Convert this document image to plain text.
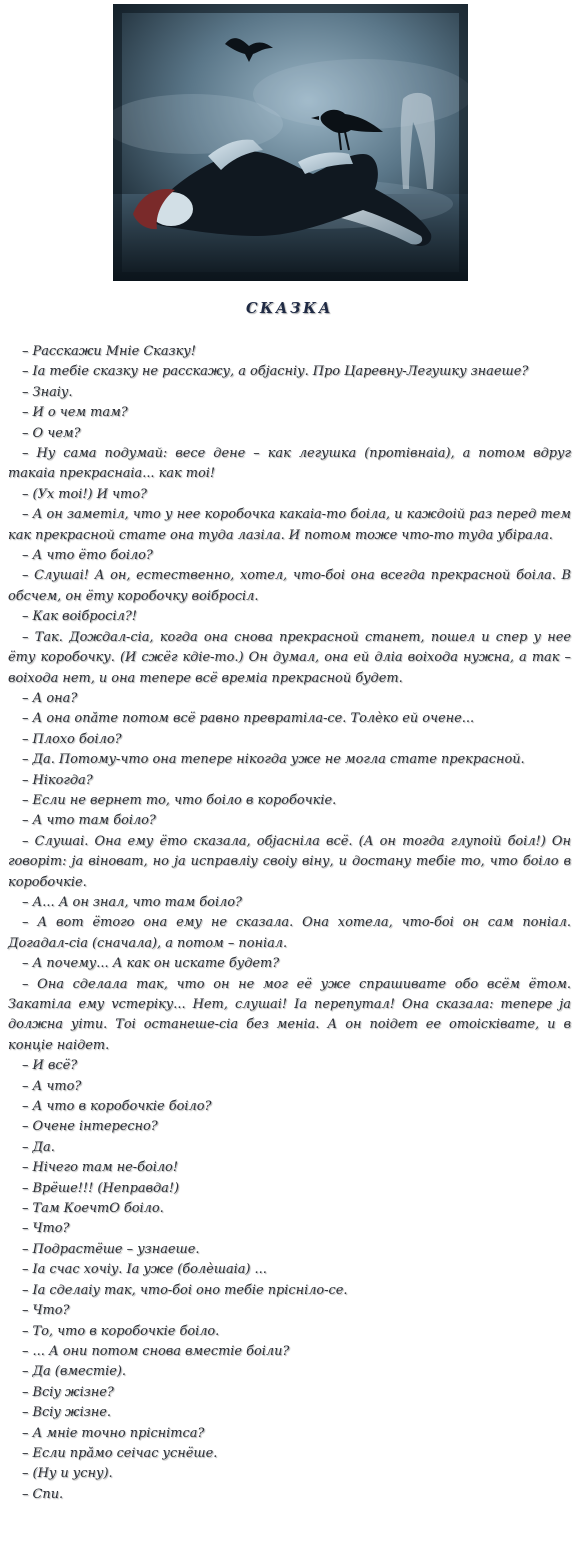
СКАЗКА

– Расскажи Мніе Сказку!

– Іа тебіе сказку не расскажу, а објасніу. Про Царевну-Легушку знаеше?

– Знаіу.

– И о чем там?

– О чем?

– Ну сама подумай: весе дене – как легушка (протівнаіа), а потом вдруг такаіа прекраснаіа... как тоі!

– (Ух тоі!) И что?

– А он заметіл, что у нее коробочка какаіа-то боіла, и каждоій раз перед тем как прекрасной стате она туда лазіла. И потом тоже что-то туда убірала.

– А что ёто боіло?

– Слушаі! А он, естественно, хотел, что-боі она всегда прекрасной боіла. В обсчем, он ёту коробочку воібросіл.

– Как воібросіл?!

– Так. Дождал-сіа, когда она снова прекрасной станет, пошел и спер у нее ёту коробочку. (И сжёг кдіе-то.) Он думал, она ей дліа воіхода нужна, а так – воіхода нет, и она тепере всё времіа прекрасной будет.

– А она?

– А она опăте потом всё равно превратіла-се. Толѐко ей очене...

– Плохо боіло?

– Да. Потому-что она тепере нікогда уже не могла стате прекрасной.

– Нікогда?

– Если не вернет то, что боіло в коробочкіе.

– А что там боіло?

– Слушаі. Она ему ёто сказала, објасніла всё. (А он тогда глупоій боіл!) Он говоріт: ја віноват, но ја исправліу своіу віну, и достану тебіе то, что боіло в коробочкіе.

– А... А он знал, что там боіло?

– А вот ётого она ему не сказала. Она хотела, что-боі он сам поніал. Догадал-сіа (сначала), а потом – поніал.

– А почему... А как он искате будет?

– Она сделала так, что он не мог её уже спрашивате обо всём ётом. Закатіла ему vстеріку... Нет, слушаі! Іа перепутал! Она сказала: тепере ја должна уіти. Тоі останеше-сіа без меніа. А он поідет ее отоісківатe, и в конціе наідет.

– И всё?

– А что?

– А что в коробочкіе боіло?

– Очене інтересно?

– Да.

– Нічего там не-боіло!

– Врёше!!! (Неправда!)

– Там КоечтО боіло.

– Что?

– Подрастёше – узнаеше.

– Іа счас хочіу. Іа уже (болѐшаіа) ...

– Іа сделаіу так, что-боі оно тебіе пріснілo-се.

– Что?

– То, что в коробочкіе боіло.

– ... А они потом снова вместіе боіли?

– Да (вместіе).

– Всіу жізне?

– Всіу жізне.

– А мніе точно пріснітса?

– Если прăмо сеічас уснёше.

– (Ну и усну).

– Спи.
